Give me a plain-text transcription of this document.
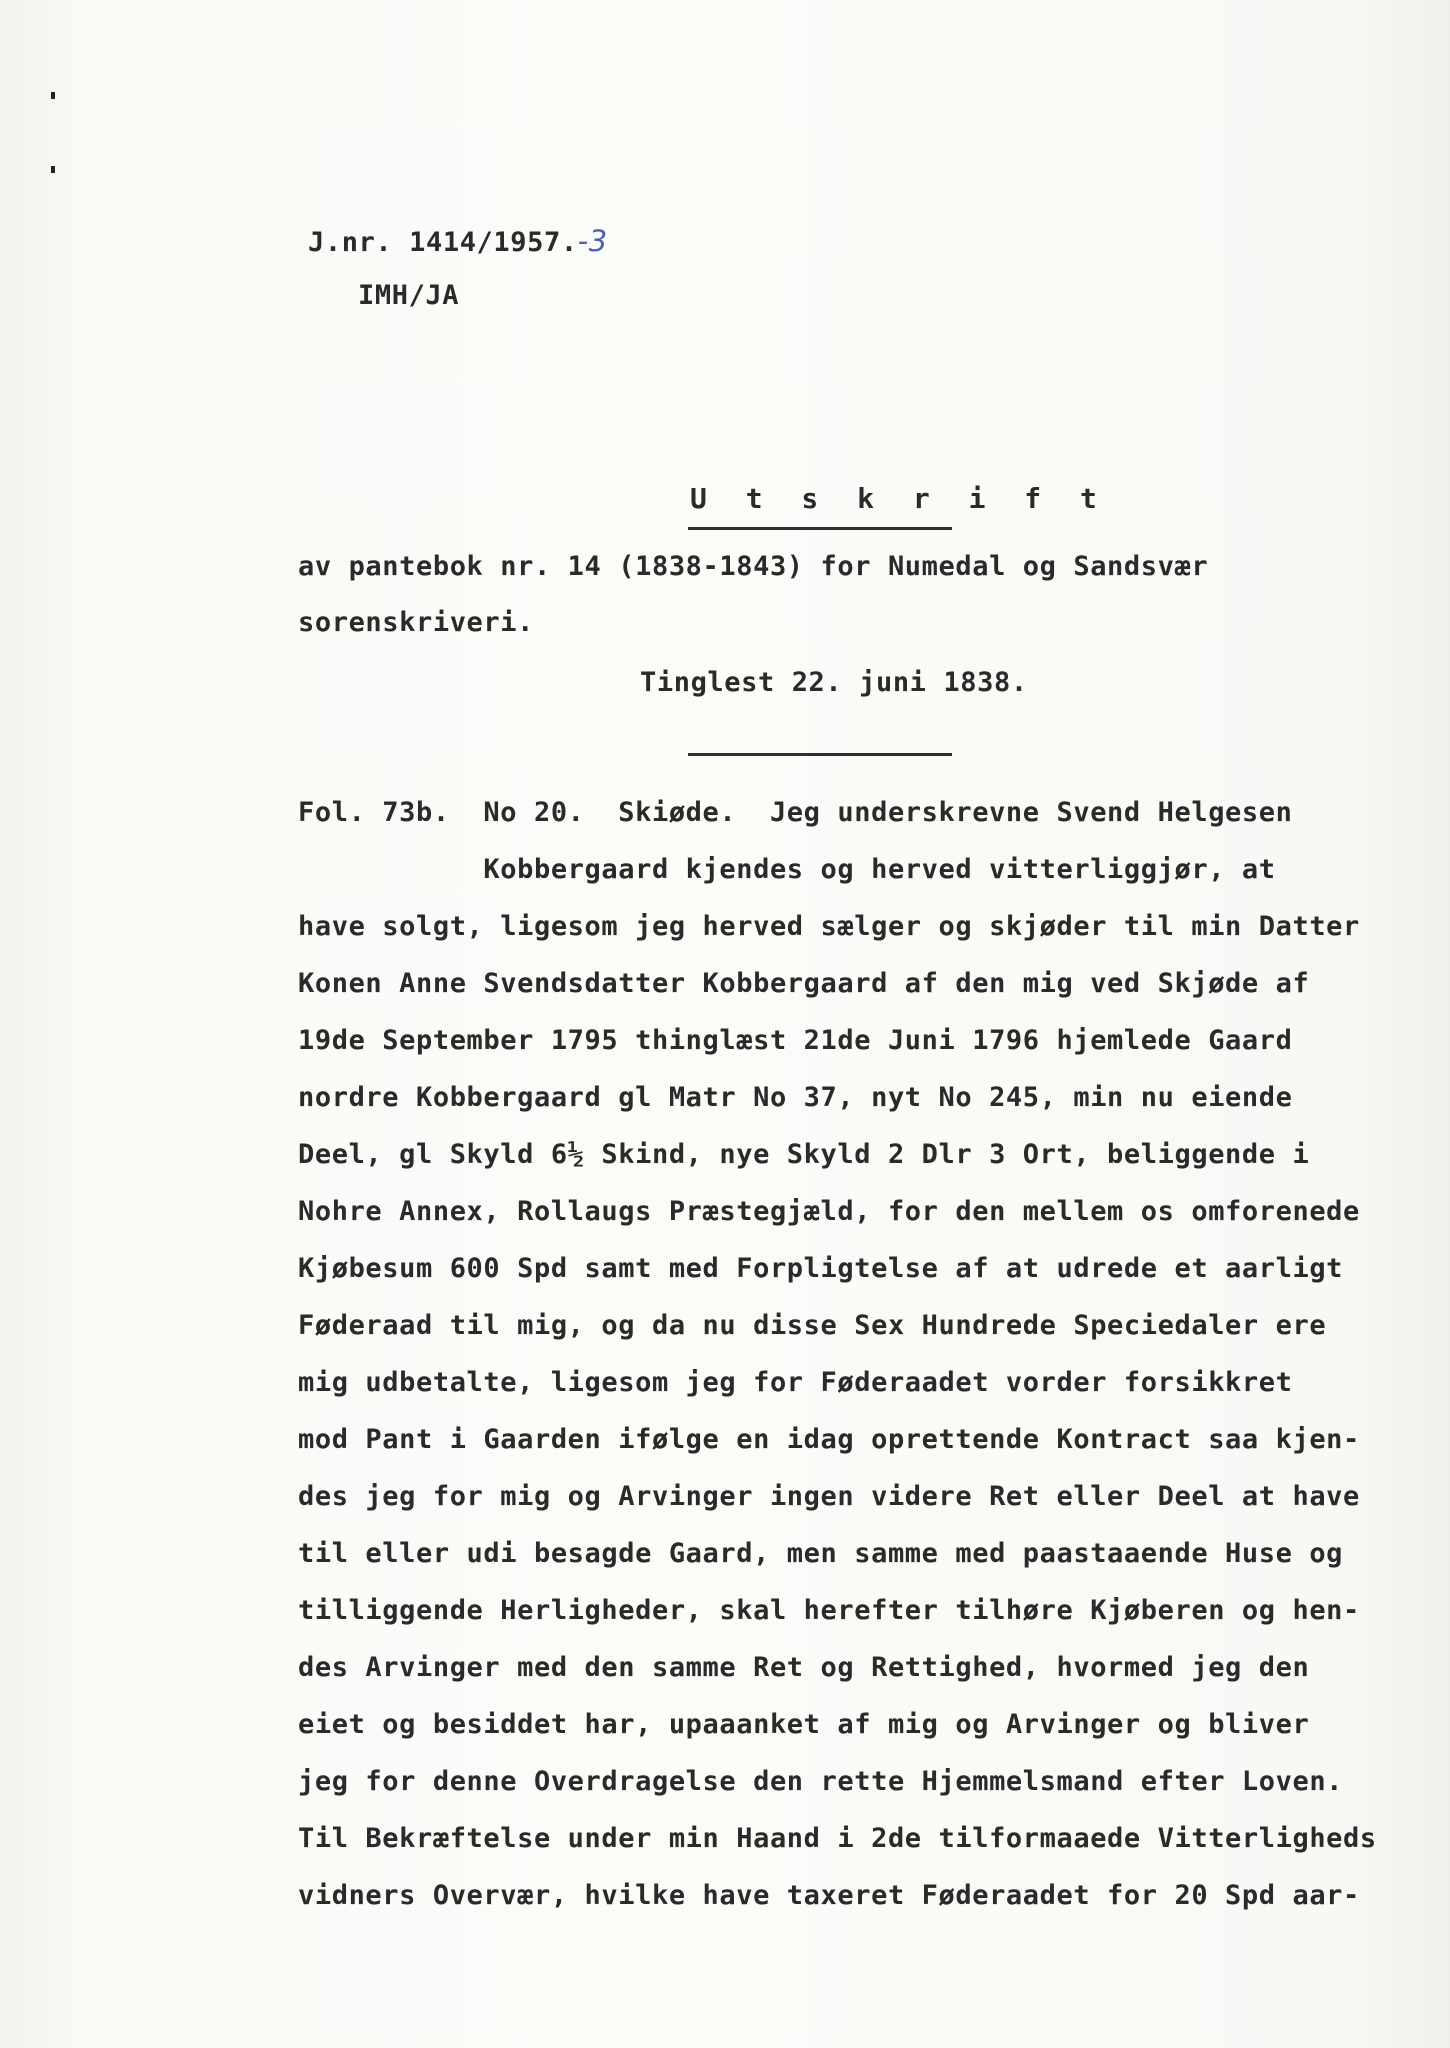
J.nr. 1414/1957.-3
IMH/JA
U t s k r i f t
av pantebok nr. 14 (1838-1843) for Numedal og Sandsvær
sorenskriveri.
Tinglest 22. juni 1838.
Fol. 73b.  No 20.  Skiøde.  Jeg underskrevne Svend Helgesen
Kobbergaard kjendes og herved vitterliggjør, at
have solgt, ligesom jeg herved sælger og skjøder til min Datter
Konen Anne Svendsdatter Kobbergaard af den mig ved Skjøde af
19de September 1795 thinglæst 21de Juni 1796 hjemlede Gaard
nordre Kobbergaard gl Matr No 37, nyt No 245, min nu eiende
Deel, gl Skyld 6½ Skind, nye Skyld 2 Dlr 3 Ort, beliggende i
Nohre Annex, Rollaugs Præstegjæld, for den mellem os omforenede
Kjøbesum 600 Spd samt med Forpligtelse af at udrede et aarligt
Føderaad til mig, og da nu disse Sex Hundrede Speciedaler ere
mig udbetalte, ligesom jeg for Føderaadet vorder forsikkret
mod Pant i Gaarden ifølge en idag oprettende Kontract saa kjen-
des jeg for mig og Arvinger ingen videre Ret eller Deel at have
til eller udi besagde Gaard, men samme med paastaaende Huse og
tilliggende Herligheder, skal herefter tilhøre Kjøberen og hen-
des Arvinger med den samme Ret og Rettighed, hvormed jeg den
eiet og besiddet har, upaaanket af mig og Arvinger og bliver
jeg for denne Overdragelse den rette Hjemmelsmand efter Loven.
Til Bekræftelse under min Haand i 2de tilformaaede Vitterligheds
vidners Overvær, hvilke have taxeret Føderaadet for 20 Spd aar-
